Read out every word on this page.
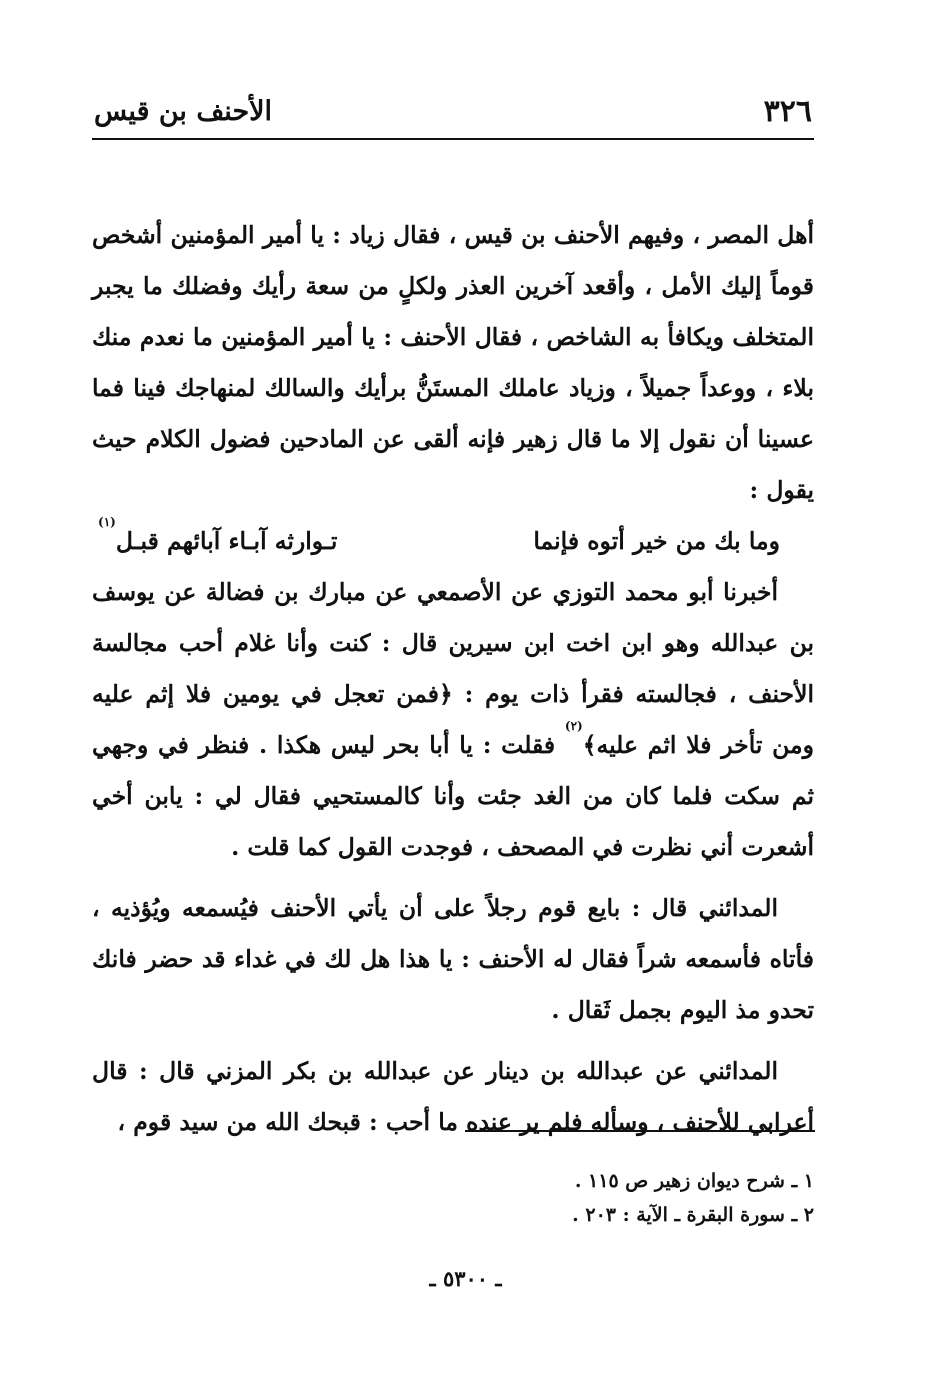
٣٢٦
الأحنف بن قيس

أهل المصر ، وفيهم الأحنف بن قيس ، فقال زياد : يا أمير المؤمنين أشخص قوماً إليك الأمل ، وأقعد آخرين العذر ولكلٍ من سعة رأيك وفضلك ما يجبر المتخلف ويكافأ به الشاخص ، فقال الأحنف : يا أمير المؤمنين ما نعدم منك بلاء ، ووعداً جميلاً ، وزياد عاملك المستَنُّ برأيك والسالك لمنهاجك فينا فما عسينا أن نقول إلا ما قال زهير فإنه ألقى عن المادحين فضول الكلام حيث يقول :

وما بك من خير أتوه فإنما
تـوارثه آبـاء آبائهم قبـل$^{(١)}$

أخبرنا أبو محمد التوزي عن الأصمعي عن مبارك بن فضالة عن يوسف بن عبدالله وهو ابن اخت ابن سيرين قال : كنت وأنا غلام أحب مجالسة الأحنف ، فجالسته فقرأ ذات يوم : ﴿فمن تعجل في يومين فلا إثم عليه ومن تأخر فلا اثم عليه﴾$^{(٢)}$ فقلت : يا أبا بحر ليس هكذا . فنظر في وجهي ثم سكت فلما كان من الغد جئت وأنا كالمستحيي فقال لي : يابن أخي أشعرت أني نظرت في المصحف ، فوجدت القول كما قلت .

المدائني قال : بايع قوم رجلاً على أن يأتي الأحنف فيُسمعه ويُؤذيه ، فأتاه فأسمعه شراً فقال له الأحنف : يا هذا هل لك في غداء قد حضر فانك تحدو مذ اليوم بجمل ثَقال .

المدائني عن عبدالله بن دينار عن عبدالله بن بكر المزني قال : قال أعرابي للأحنف ، وسأله فلم ير عنده ما أحب : قبحك الله من سيد قوم ،

١ ـ شرح ديوان زهير ص ١١٥ .

٢ ـ سورة البقرة ـ الآية : ٢٠٣ .

ـ ٥٣٠٠ ـ
